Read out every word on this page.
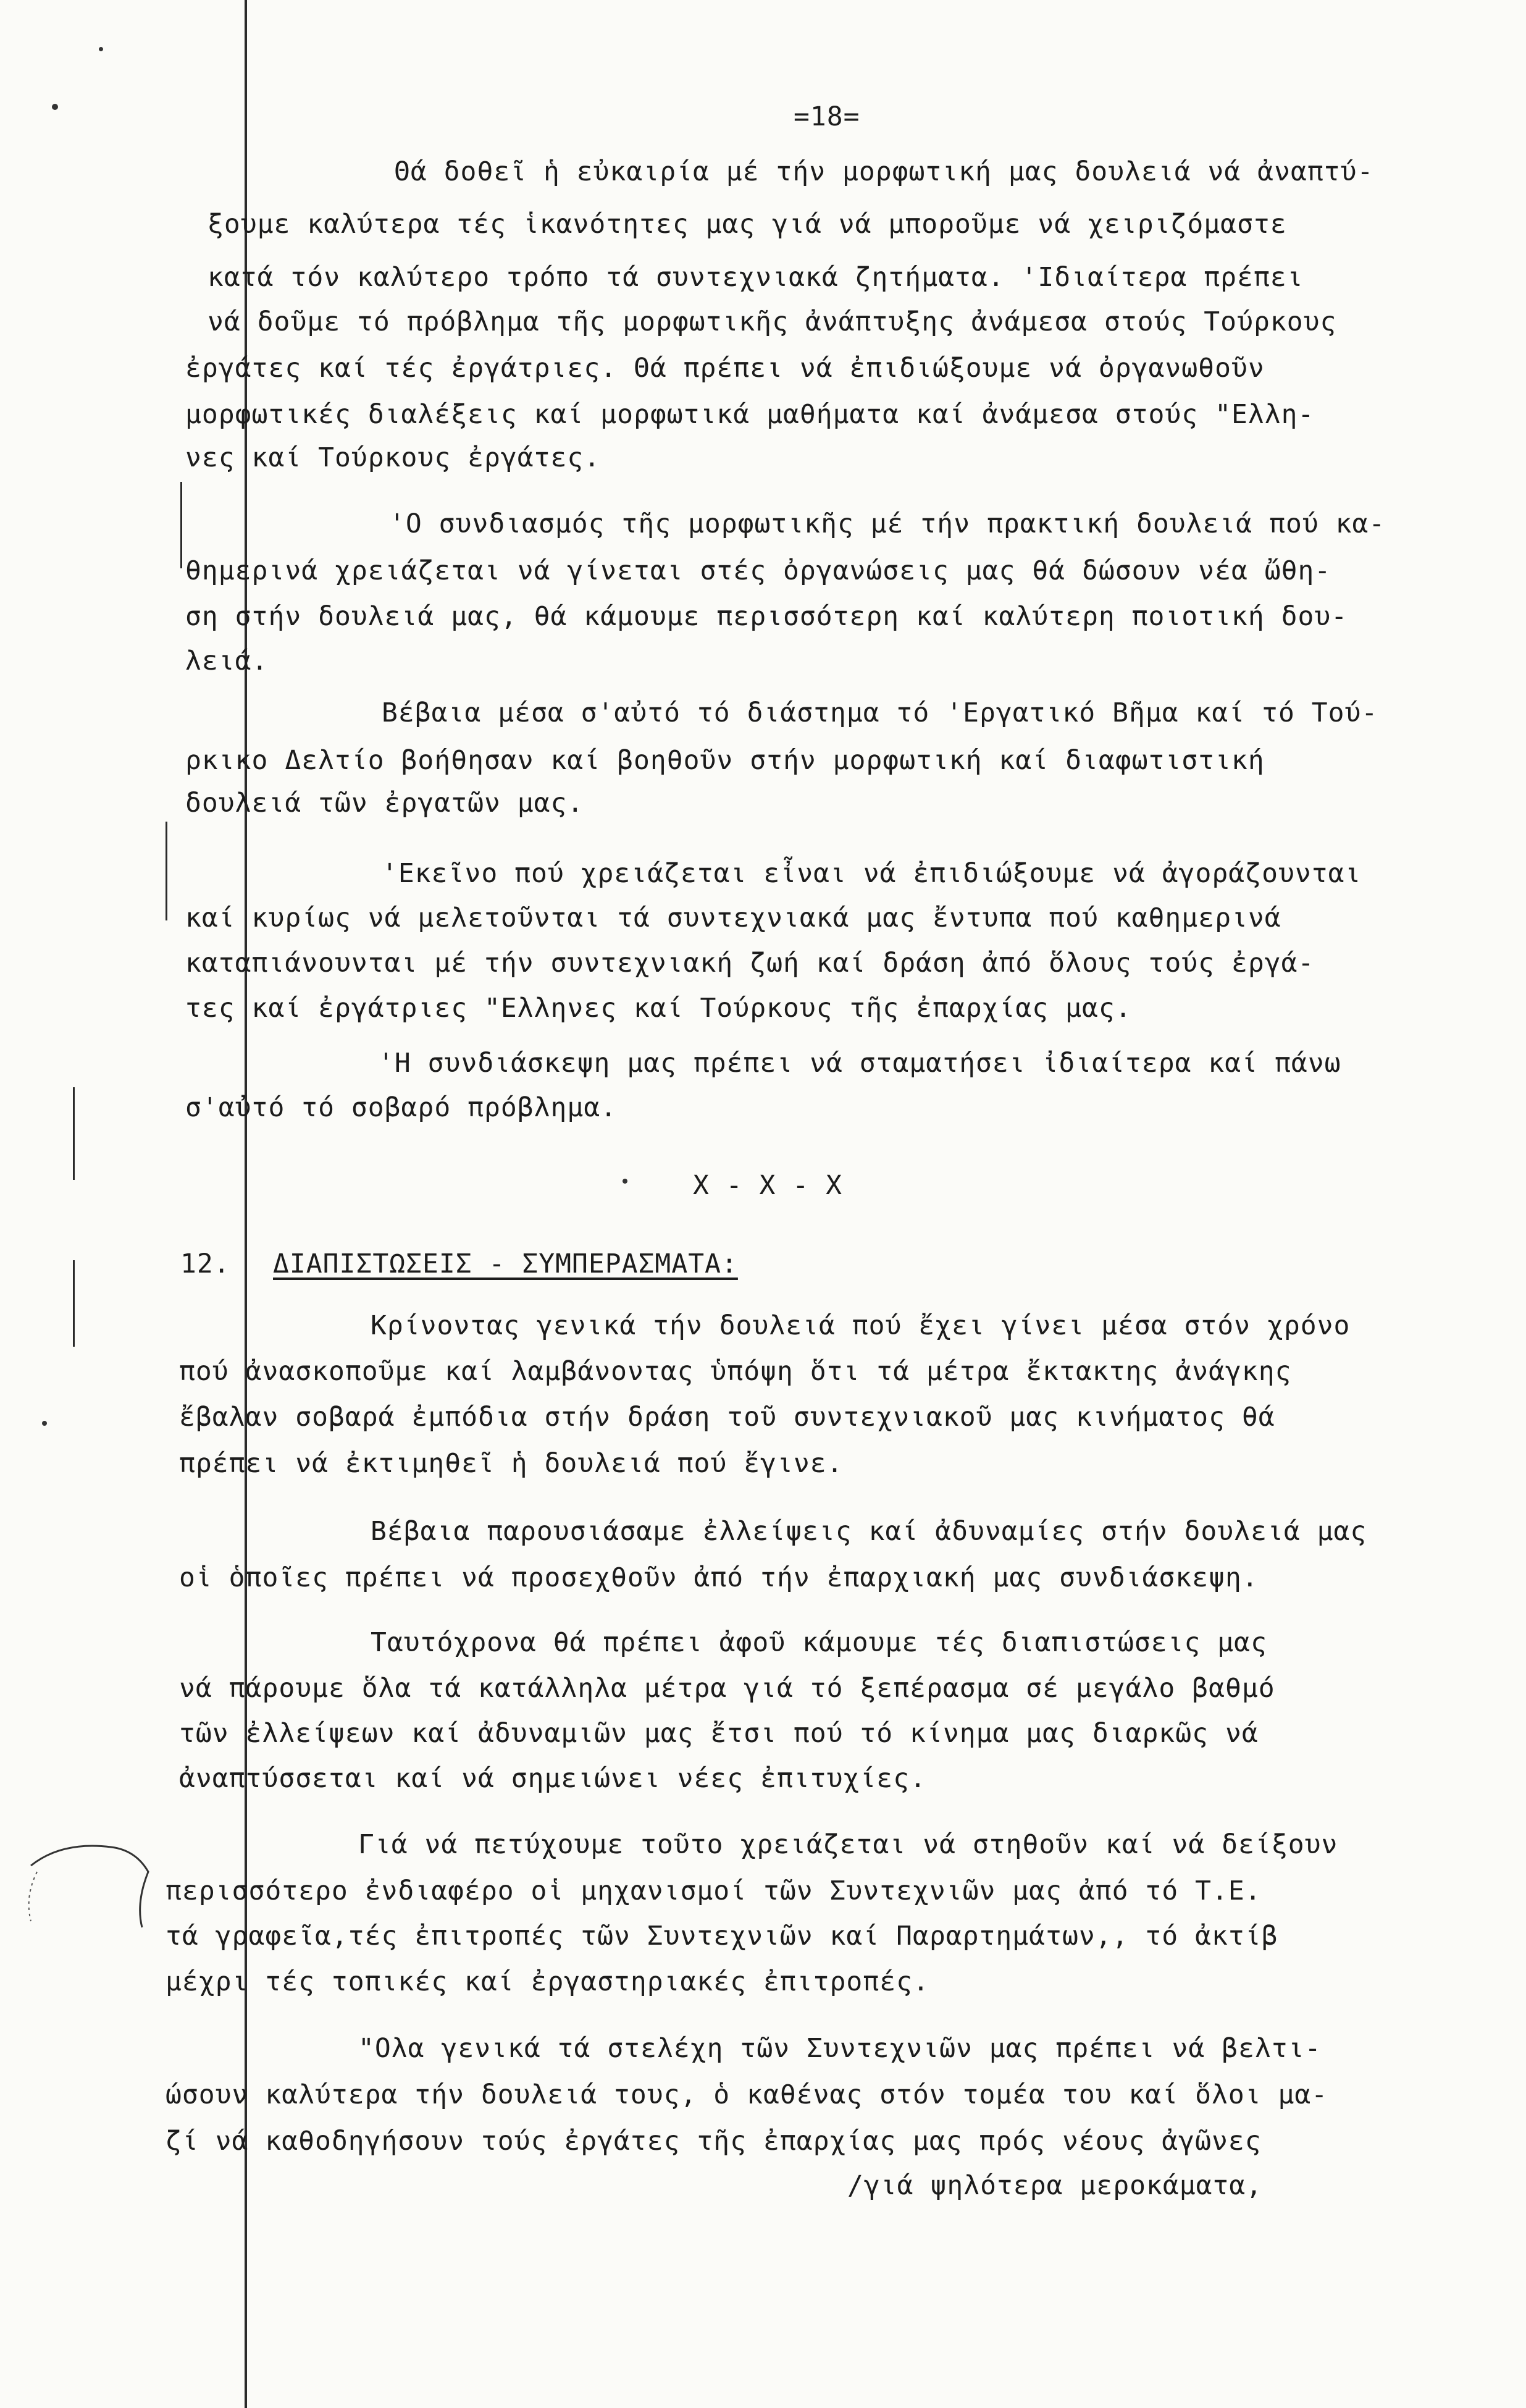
=18=
Θά δοθεῖ ἡ εὐκαιρία μέ τήν μορφωτική μας δουλειά νά ἀναπτύ-
ξουμε καλύτερα τές ἱκανότητες μας γιά νά μποροῦμε νά χειριζόμαστε
κατά τόν καλύτερο τρόπο τά συντεχνιακά ζητήματα. 'Ιδιαίτερα πρέπει
νά δοῦμε τό πρόβλημα τῆς μορφωτικῆς ἀνάπτυξης ἀνάμεσα στούς Τούρκους
ἐργάτες καί τές ἐργάτριες. Θά πρέπει νά ἐπιδιώξουμε νά ὀργανωθοῦν
μορφωτικές διαλέξεις καί μορφωτικά μαθήματα καί ἀνάμεσα στούς "Ελλη-
νες καί Τούρκους ἐργάτες.
'Ο συνδιασμός τῆς μορφωτικῆς μέ τήν πρακτική δουλειά πού κα-
θημερινά χρειάζεται νά γίνεται στές ὀργανώσεις μας θά δώσουν νέα ὤθη-
ση στήν δουλειά μας, θά κάμουμε περισσότερη καί καλύτερη ποιοτική δου-
λειά.
Βέβαια μέσα σ'αὐτό τό διάστημα τό 'Εργατικό Βῆμα καί τό Τού-
ρκικο Δελτίο βοήθησαν καί βοηθοῦν στήν μορφωτική καί διαφωτιστική
δουλειά τῶν ἐργατῶν μας.
'Εκεῖνο πού χρειάζεται εἶναι νά ἐπιδιώξουμε νά ἀγοράζουνται
καί κυρίως νά μελετοῦνται τά συντεχνιακά μας ἔντυπα πού καθημερινά
καταπιάνουνται μέ τήν συντεχνιακή ζωή καί δράση ἀπό ὅλους τούς ἐργά-
τες καί ἐργάτριες "Ελληνες καί Τούρκους τῆς ἐπαρχίας μας.
'Η συνδιάσκεψη μας πρέπει νά σταματήσει ἰδιαίτερα καί πάνω
σ'αὐτό τό σοβαρό πρόβλημα.
X - X - X
12. ΔΙΑΠΙΣΤΩΣΕΙΣ - ΣΥΜΠΕΡΑΣΜΑΤΑ:
Κρίνοντας γενικά τήν δουλειά πού ἔχει γίνει μέσα στόν χρόνο
πού ἀνασκοποῦμε καί λαμβάνοντας ὑπόψη ὅτι τά μέτρα ἔκτακτης ἀνάγκης
ἔβαλαν σοβαρά ἐμπόδια στήν δράση τοῦ συντεχνιακοῦ μας κινήματος θά
πρέπει νά ἐκτιμηθεῖ ἡ δουλειά πού ἔγινε.
Βέβαια παρουσιάσαμε ἐλλείψεις καί ἀδυναμίες στήν δουλειά μας
οἱ ὁποῖες πρέπει νά προσεχθοῦν ἀπό τήν ἐπαρχιακή μας συνδιάσκεψη.
Ταυτόχρονα θά πρέπει ἀφοῦ κάμουμε τές διαπιστώσεις μας
νά πάρουμε ὅλα τά κατάλληλα μέτρα γιά τό ξεπέρασμα σέ μεγάλο βαθμό
τῶν ἐλλείψεων καί ἀδυναμιῶν μας ἔτσι πού τό κίνημα μας διαρκῶς νά
ἀναπτύσσεται καί νά σημειώνει νέες ἐπιτυχίες.
Γιά νά πετύχουμε τοῦτο χρειάζεται νά στηθοῦν καί νά δείξουν
περισσότερο ἐνδιαφέρο οἱ μηχανισμοί τῶν Συντεχνιῶν μας ἀπό τό Τ.Ε.
τά γραφεῖα,τές ἐπιτροπές τῶν Συντεχνιῶν καί Παραρτημάτων,, τό ἀκτίβ
μέχρι τές τοπικές καί ἐργαστηριακές ἐπιτροπές.
"Ολα γενικά τά στελέχη τῶν Συντεχνιῶν μας πρέπει νά βελτι-
ώσουν καλύτερα τήν δουλειά τους, ὁ καθένας στόν τομέα του καί ὅλοι μα-
ζί νά καθοδηγήσουν τούς ἐργάτες τῆς ἐπαρχίας μας πρός νέους ἀγῶνες
/γιά ψηλότερα μεροκάματα,
